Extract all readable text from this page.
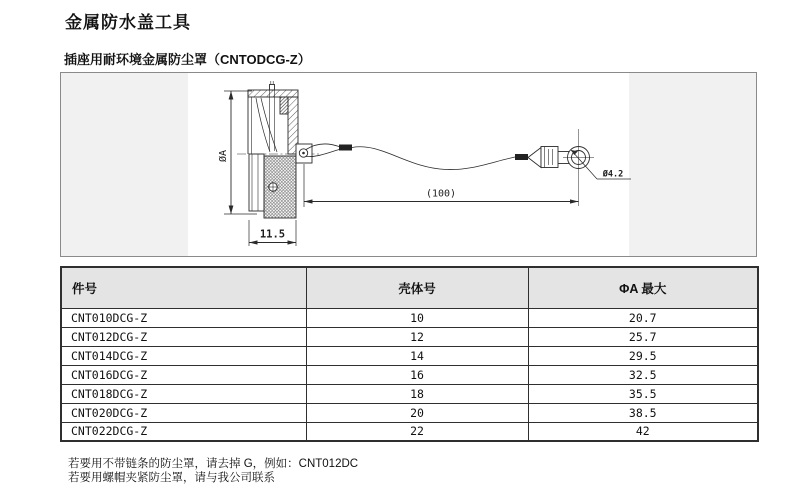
金属防水盖工具
插座用耐环境金属防尘罩（CNTODCG-Z）
ØA
11.5
Ø4.2
(100)
件号	壳体号	ΦA 最大
CNT010DCG-Z	10	20.7
CNT012DCG-Z	12	25.7
CNT014DCG-Z	14	29.5
CNT016DCG-Z	16	32.5
CNT018DCG-Z	18	35.5
CNT020DCG-Z	20	38.5
CNT022DCG-Z	22	42
若要用不带链条的防尘罩，请去掉 G，例如：CNT012DC
若要用螺帽夹紧防尘罩，请与我公司联系
